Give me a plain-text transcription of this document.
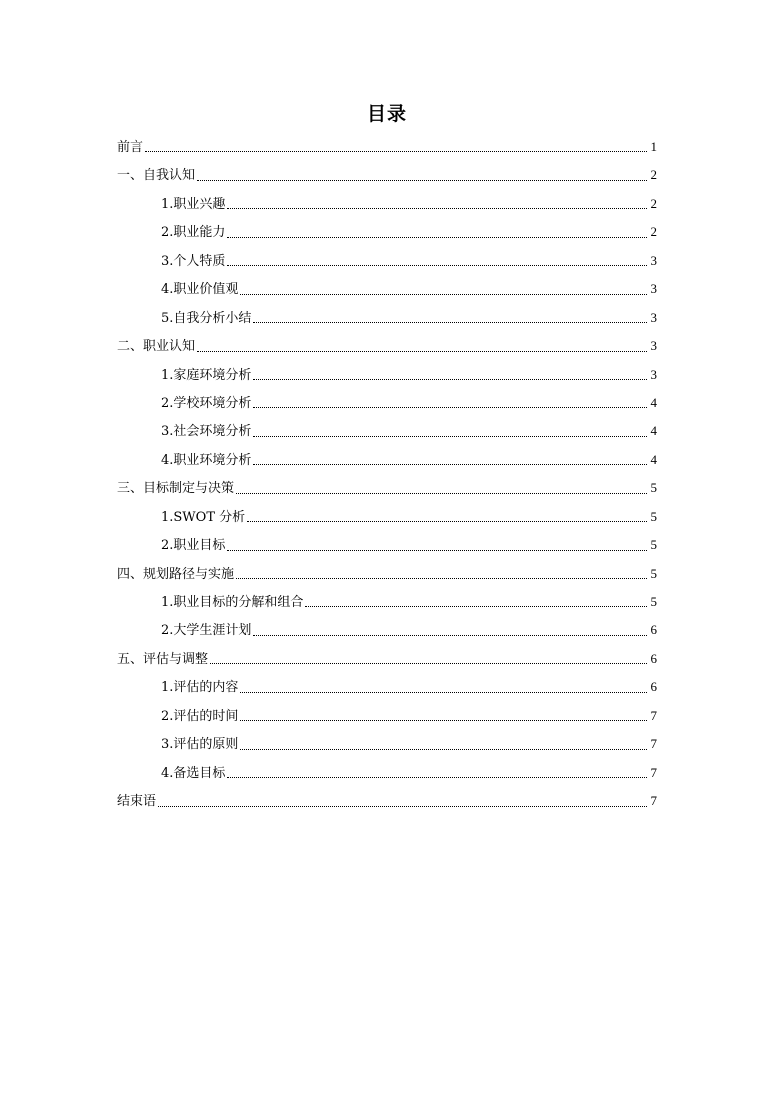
目录
前言	1
一、自我认知	2
1.职业兴趣	2
2.职业能力	2
3.个人特质	3
4.职业价值观	3
5.自我分析小结	3
二、职业认知	3
1.家庭环境分析	3
2.学校环境分析	4
3.社会环境分析	4
4.职业环境分析	4
三、目标制定与决策	5
1.SWOT 分析	5
2.职业目标	5
四、规划路径与实施	5
1.职业目标的分解和组合	5
2.大学生涯计划	6
五、评估与调整	6
1.评估的内容	6
2.评估的时间	7
3.评估的原则	7
4.备选目标	7
结束语	7
